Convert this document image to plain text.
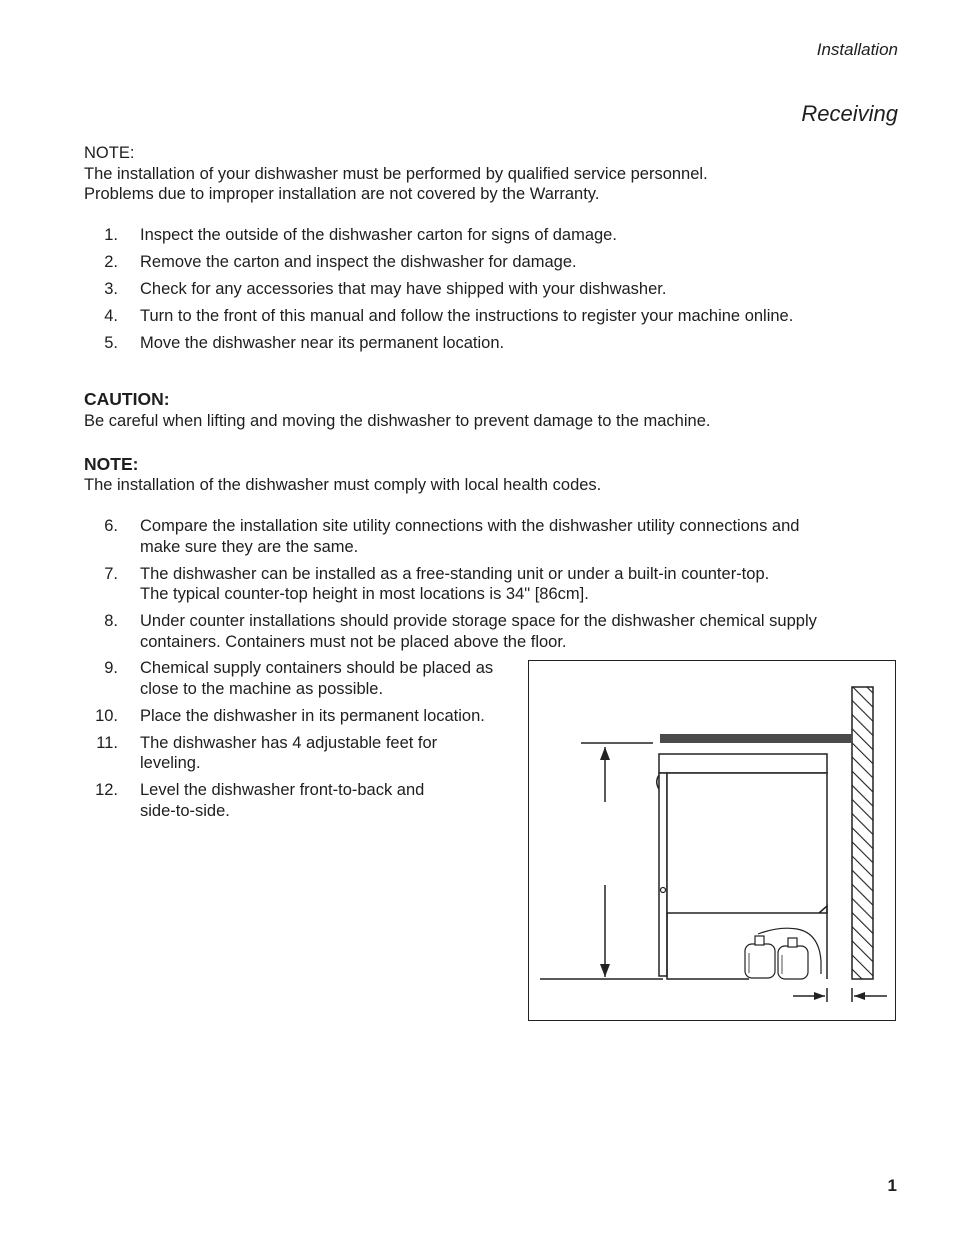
Installation
Receiving
NOTE:
The installation of your dishwasher must be performed by qualified service personnel.
Problems due to improper installation are not covered by the Warranty.
1. Inspect the outside of the dishwasher carton for signs of damage.
2. Remove the carton and inspect the dishwasher for damage.
3. Check for any accessories that may have shipped with your dishwasher.
4. Turn to the front of this manual and follow the instructions to register your machine online.
5. Move the dishwasher near its permanent location.
CAUTION:
Be careful when lifting and moving the dishwasher to prevent damage to the machine.
NOTE:
The installation of the dishwasher must comply with local health codes.
6. Compare the installation site utility connections with the dishwasher utility connections and
make sure they are the same.
7. The dishwasher can be installed as a free-standing unit or under a built-in counter-top.
The typical counter-top height in most locations is 34" [86cm].
8. Under counter installations should provide storage space for the dishwasher chemical supply
containers. Containers must not be placed above the floor.
9. Chemical supply containers should be placed as
close to the machine as possible.
10. Place the dishwasher in its permanent location.
11. The dishwasher has 4 adjustable feet for
leveling.
12. Level the dishwasher front-to-back and
side-to-side.
1
